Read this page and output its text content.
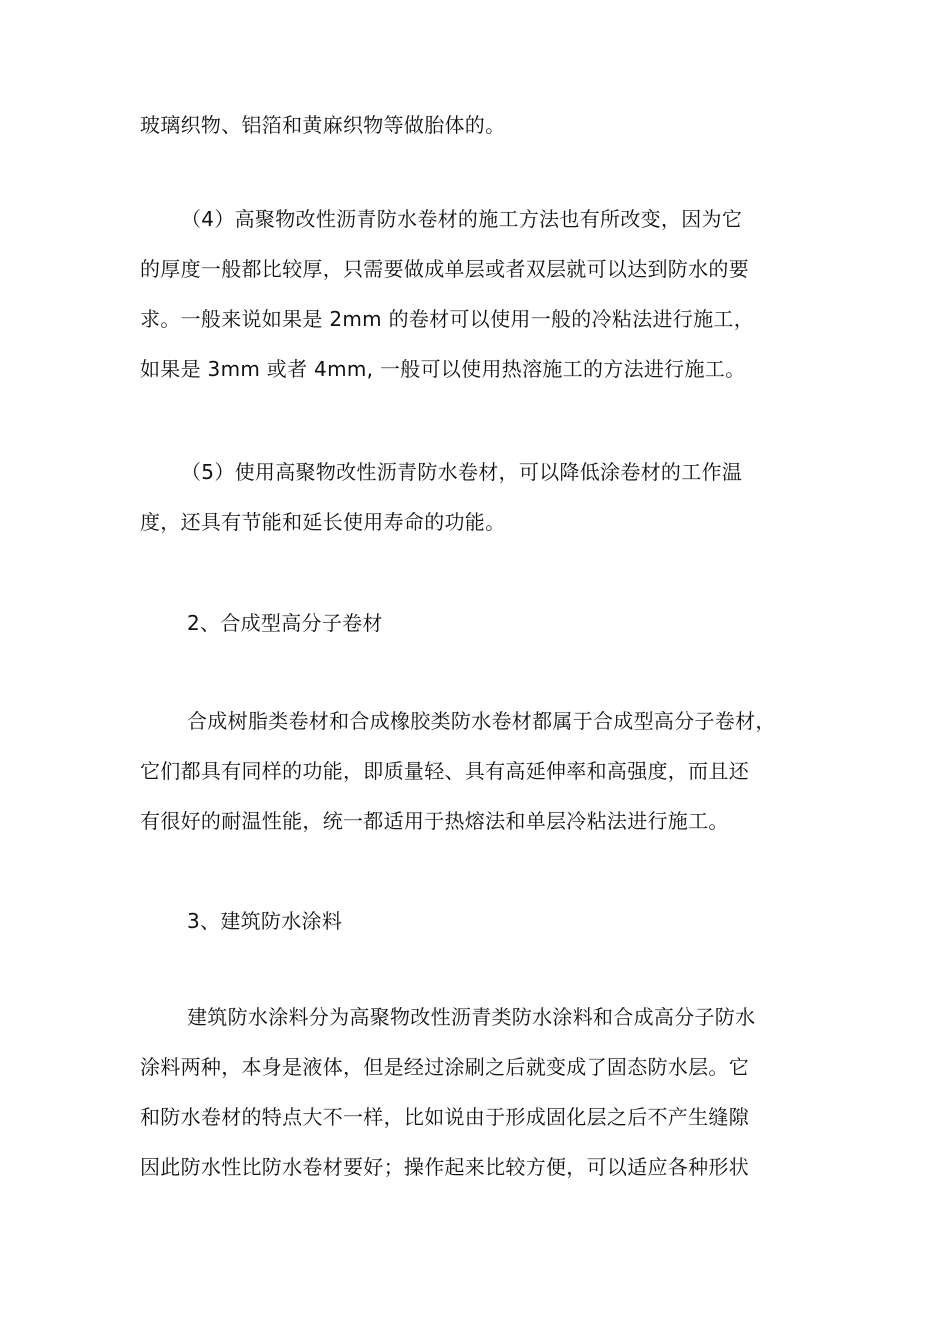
玻璃织物、铝箔和黄麻织物等做胎体的。
（4）高聚物改性沥青防水卷材的施工方法也有所改变，因为它
的厚度一般都比较厚，只需要做成单层或者双层就可以达到防水的要
求。一般来说如果是 2mm 的卷材可以使用一般的冷粘法进行施工，
如果是 3mm 或者 4mm, 一般可以使用热溶施工的方法进行施工。
（5）使用高聚物改性沥青防水卷材，可以降低涂卷材的工作温
度，还具有节能和延长使用寿命的功能。
2、合成型高分子卷材
合成树脂类卷材和合成橡胶类防水卷材都属于合成型高分子卷材，
它们都具有同样的功能，即质量轻、具有高延伸率和高强度，而且还
有很好的耐温性能，统一都适用于热熔法和单层冷粘法进行施工。
3、建筑防水涂料
建筑防水涂料分为高聚物改性沥青类防水涂料和合成高分子防水
涂料两种，本身是液体，但是经过涂刷之后就变成了固态防水层。它
和防水卷材的特点大不一样，比如说由于形成固化层之后不产生缝隙
因此防水性比防水卷材要好；操作起来比较方便，可以适应各种形状
